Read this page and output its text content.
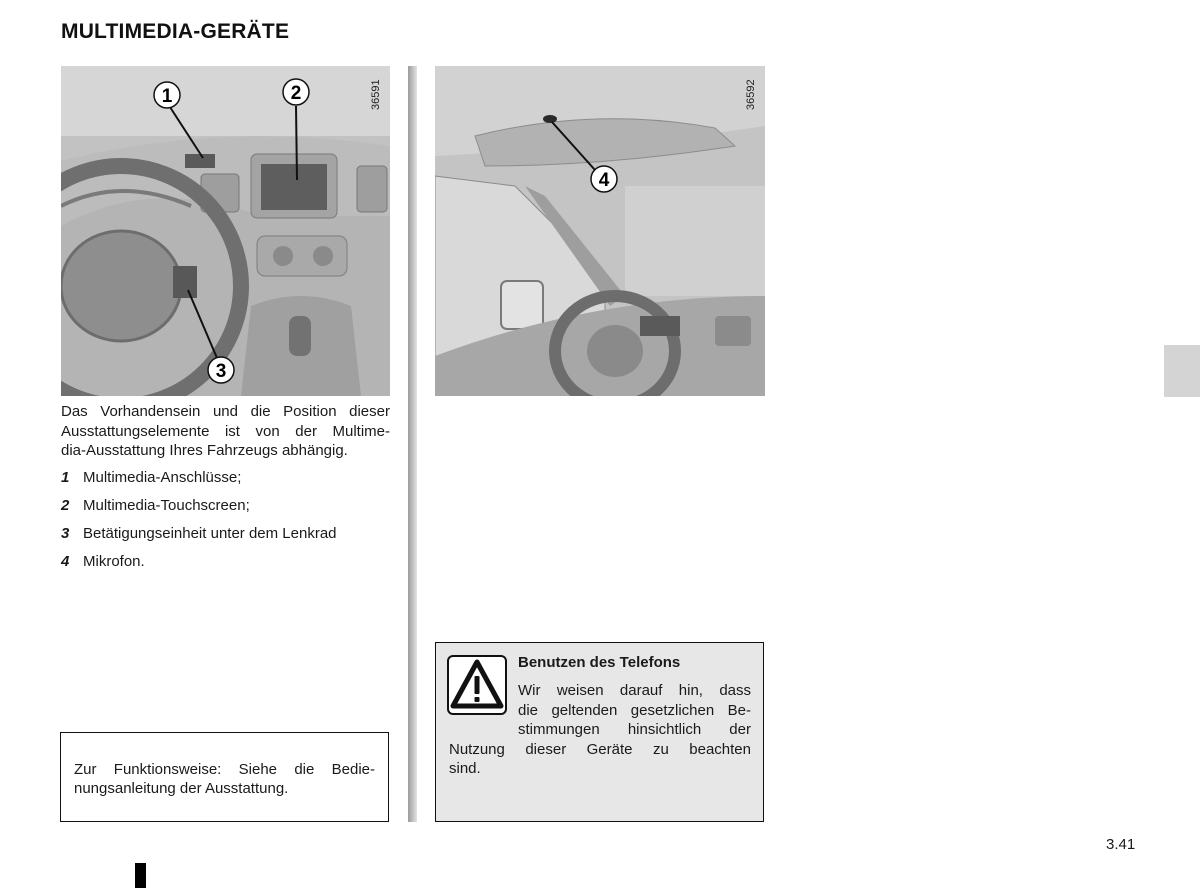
MULTIMEDIA-GERÄTE
1	2
3
36591
4
36592
Das Vorhandensein und die Position dieser
Ausstattungselemente ist von der Multime-
dia-Ausstattung Ihres Fahrzeugs abhängig.
1 Multimedia-Anschlüsse;
2 Multimedia-Touchscreen;
3 Betätigungseinheit unter dem Lenkrad
4 Mikrofon.

Zur Funktionsweise: Siehe die Bedie-
nungsanleitung der Ausstattung.

Benutzen des Telefons
Wir weisen darauf hin, dass
die geltenden gesetzlichen Be-
stimmungen hinsichtlich der
Nutzung dieser Geräte zu beachten
sind.
3.41
